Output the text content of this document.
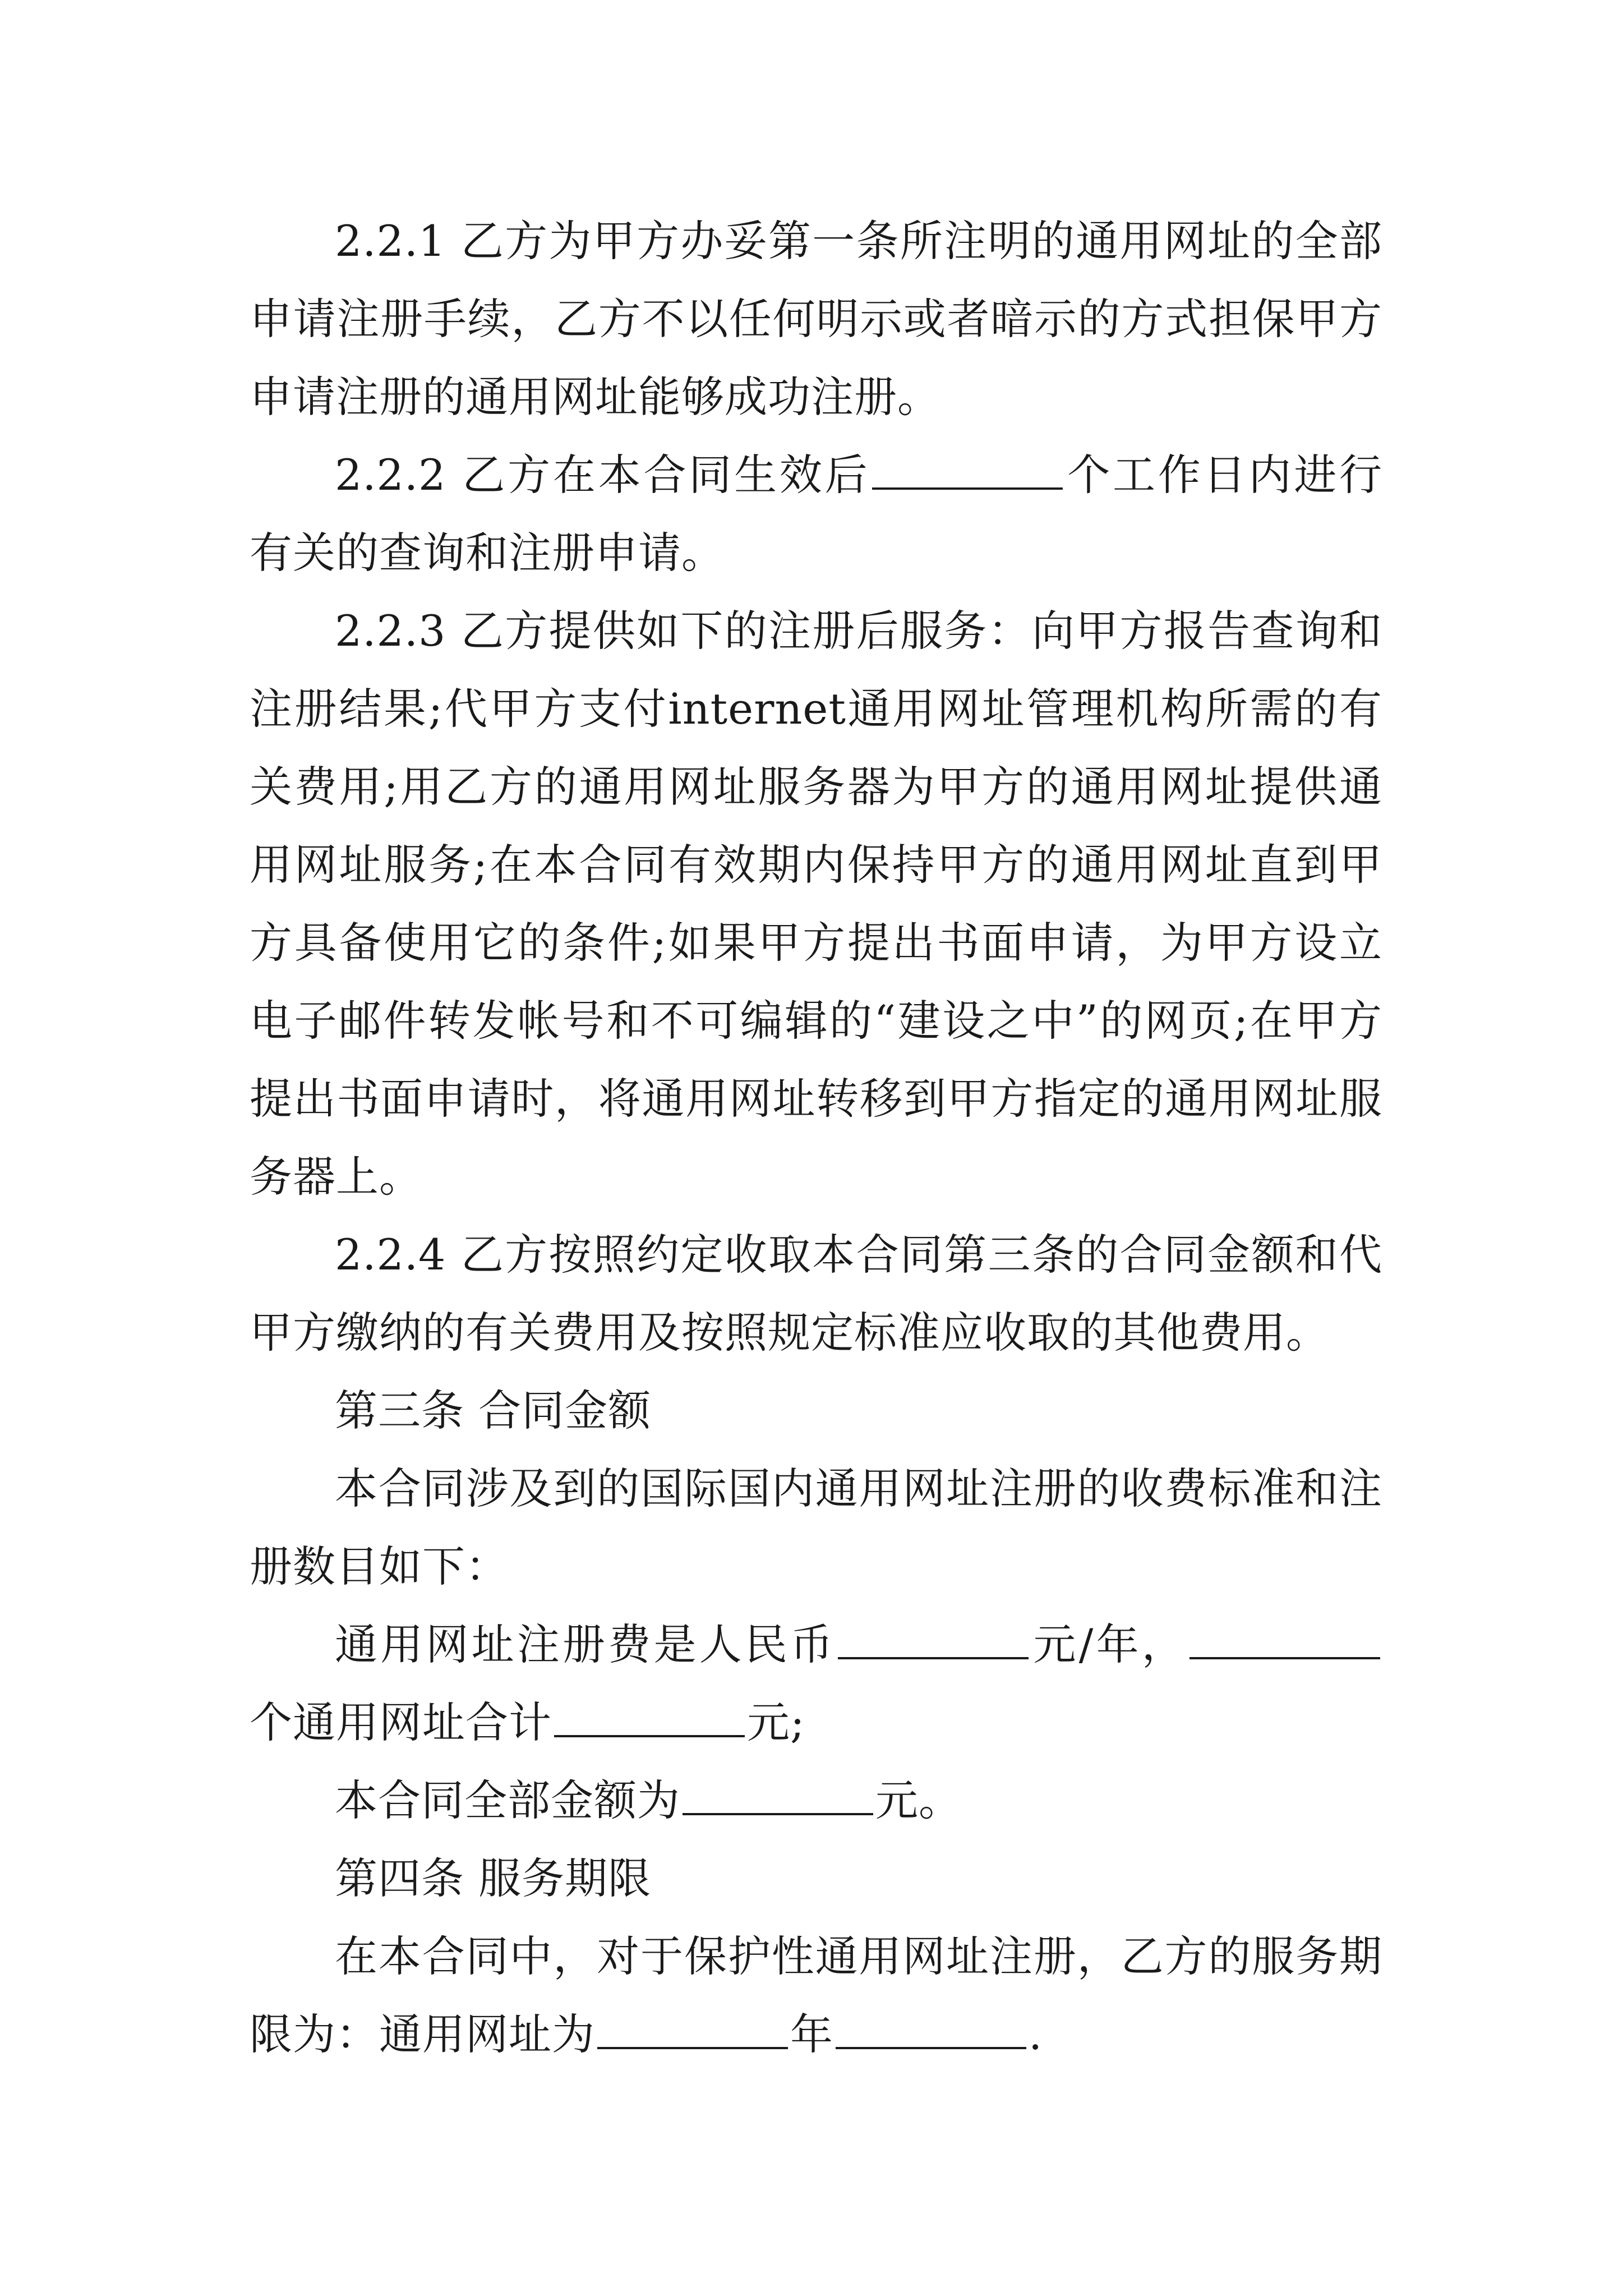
2.2.1 乙方为甲方办妥第一条所注明的通用网址的全部申请注册手续，乙方不以任何明示或者暗示的方式担保甲方申请注册的通用网址能够成功注册。

2.2.2 乙方在本合同生效后	个工作日内进行有关的查询和注册申请。

2.2.3 乙方提供如下的注册后服务：向甲方报告查询和注册结果;代甲方支付internet通用网址管理机构所需的有关费用;用乙方的通用网址服务器为甲方的通用网址提供通用网址服务;在本合同有效期内保持甲方的通用网址直到甲方具备使用它的条件;如果甲方提出书面申请，为甲方设立电子邮件转发帐号和不可编辑的“建设之中”的网页;在甲方提出书面申请时，将通用网址转移到甲方指定的通用网址服务器上。

2.2.4 乙方按照约定收取本合同第三条的合同金额和代甲方缴纳的有关费用及按照规定标准应收取的其他费用。

第三条 合同金额

本合同涉及到的国际国内通用网址注册的收费标准和注册数目如下：

通用网址注册费是人民币	元/年，个通用网址合计	元;

本合同全部金额为	元。

第四条 服务期限

在本合同中，对于保护性通用网址注册，乙方的服务期限为：通用网址为	年	.
